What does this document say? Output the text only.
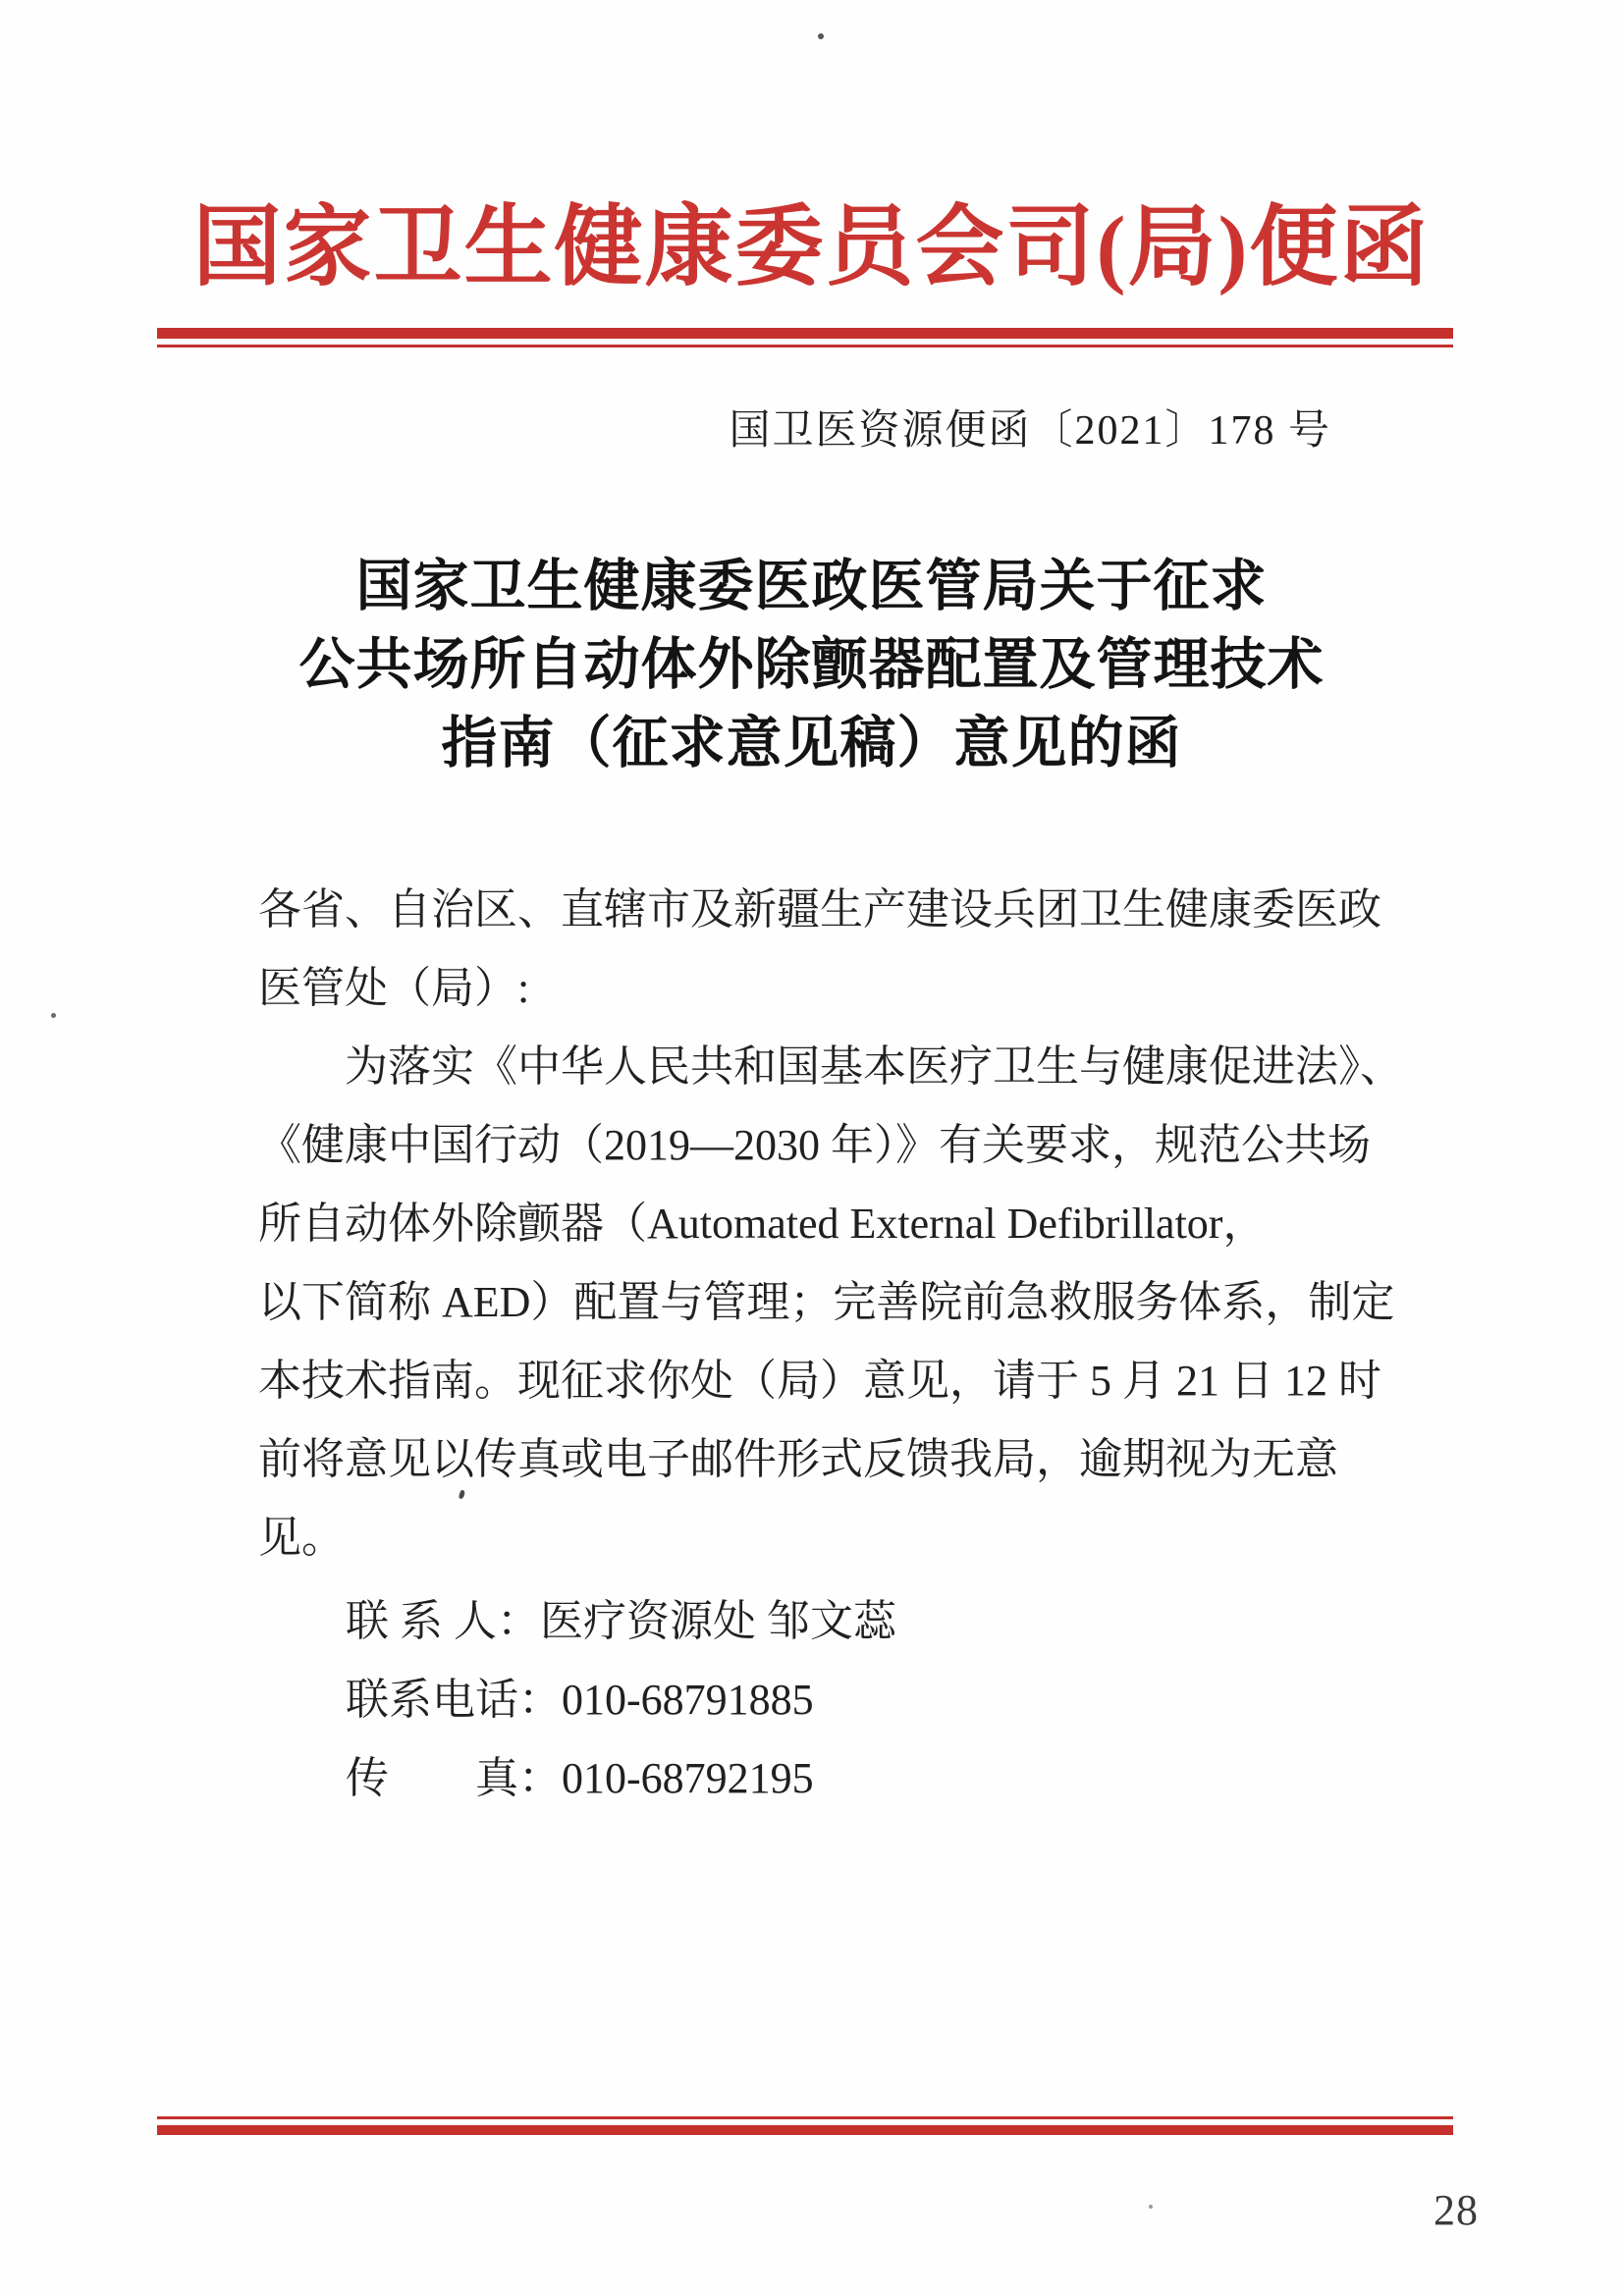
国家卫生健康委员会司(局)便函
国卫医资源便函〔2021〕178 号
国家卫生健康委医政医管局关于征求
公共场所自动体外除颤器配置及管理技术
指南（征求意见稿）意见的函
各省、自治区、直辖市及新疆生产建设兵团卫生健康委医政
医管处（局）:
为落实《中华人民共和国基本医疗卫生与健康促进法》、
《健康中国行动（2019—2030 年）》有关要求，规范公共场
所自动体外除颤器（Automated External Defibrillator，
以下简称 AED）配置与管理；完善院前急救服务体系，制定
本技术指南。现征求你处（局）意见，请于 5 月 21 日 12 时
前将意见以传真或电子邮件形式反馈我局，逾期视为无意
见。
联 系 人：医疗资源处 邹文蕊
联系电话：010-68791885
传　　真：010-68792195
28
